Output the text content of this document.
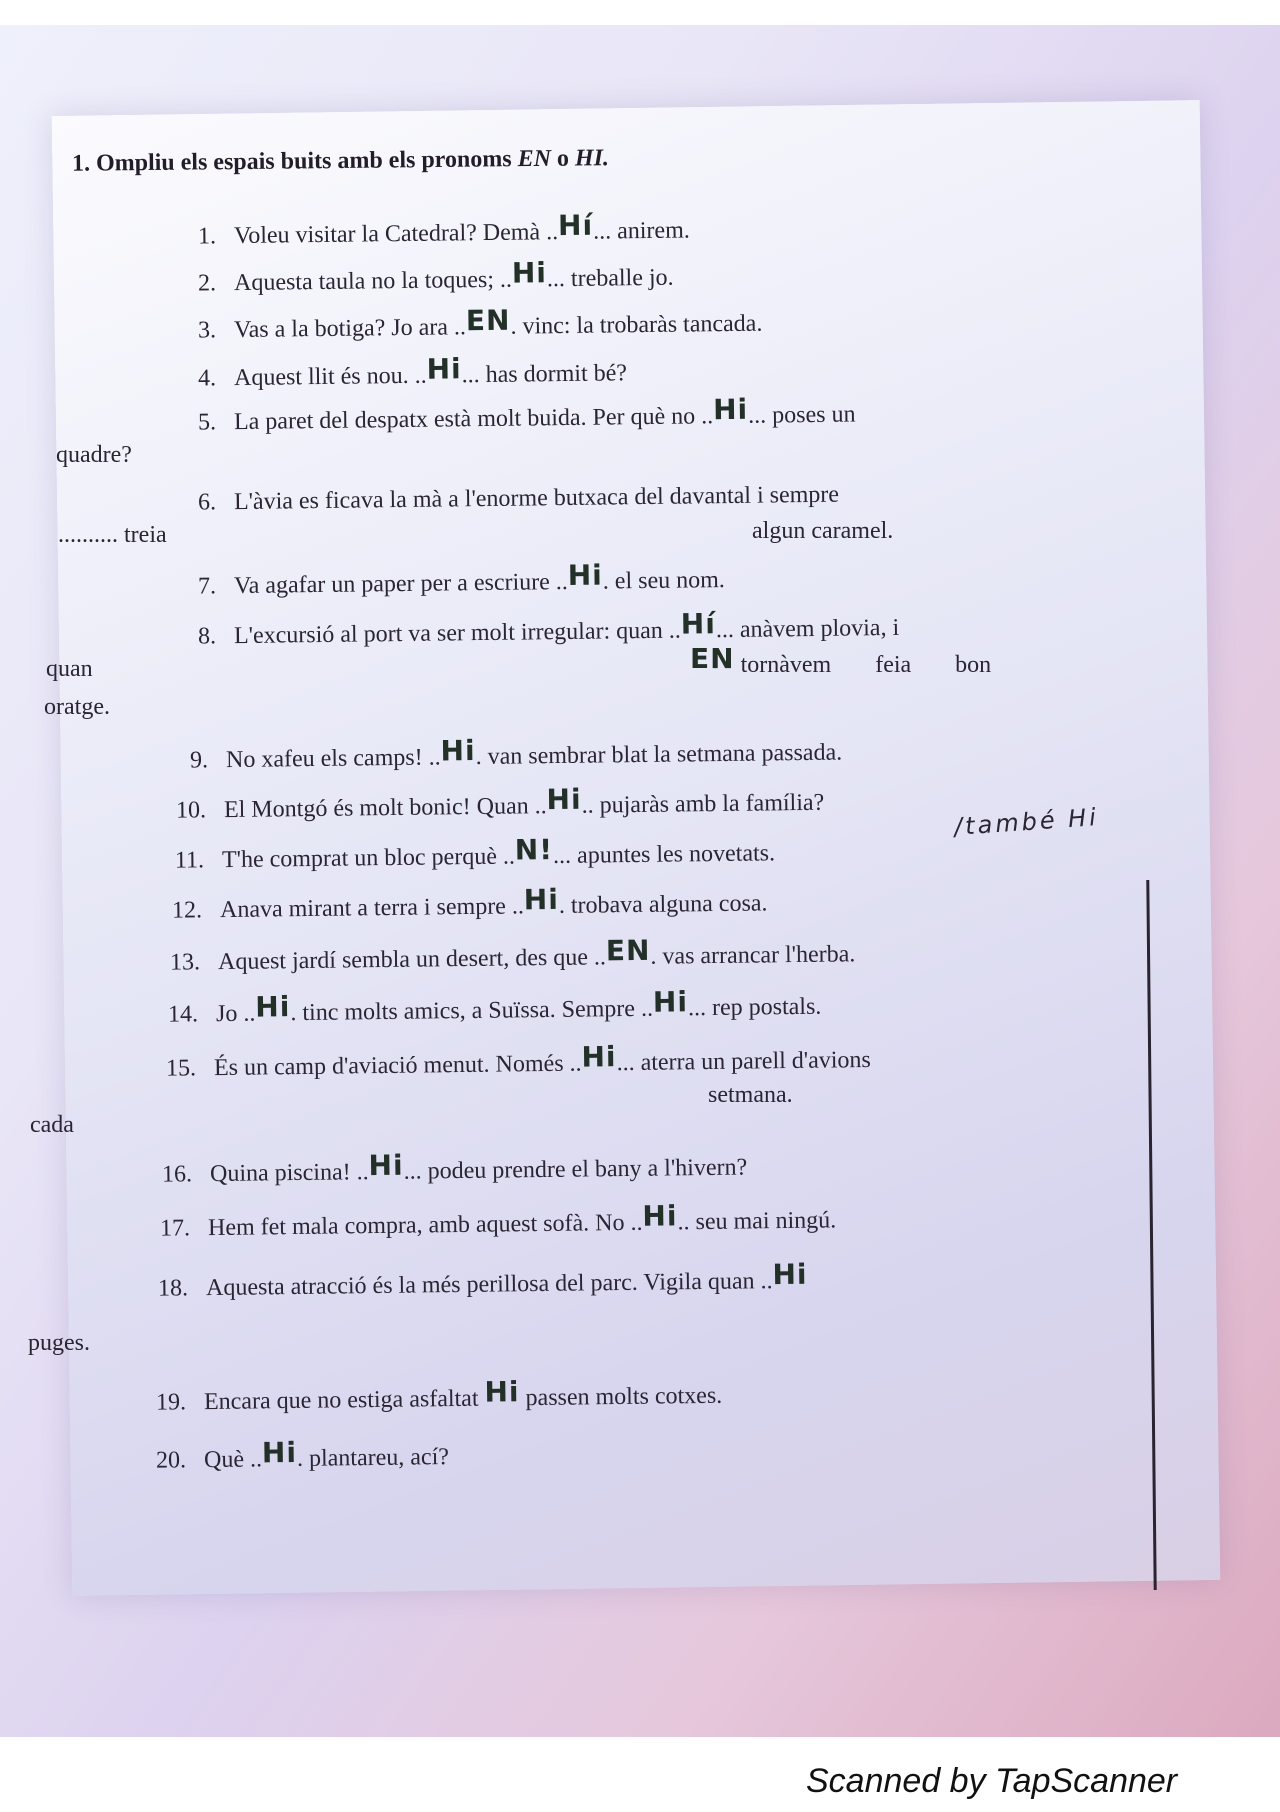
1. Ompliu els espais buits amb els pronoms EN o HI.
1. Voleu visitar la Catedral? Demà ..Hí... anirem.
2. Aquesta taula no la toques; ..Hi... treballe jo.
3. Vas a la botiga? Jo ara ..EN. vinc: la trobaràs tancada.
4. Aquest llit és nou. ..Hi... has dormit bé?
5. La paret del despatx està molt buida. Per què no ..Hi... poses un
quadre?
6. L'àvia es ficava la mà a l'enorme butxaca del davantal i sempre
.......... treia	algun caramel.
7. Va agafar un paper per a escriure ..Hi. el seu nom.
8. L'excursió al port va ser molt irregular: quan ..Hí... anàvem plovia, i
quan	EN tornàvem feia bon
oratge.
9. No xafeu els camps! ..Hi. van sembrar blat la setmana passada.
10. El Montgó és molt bonic! Quan ..Hi.. pujaràs amb la família?
11. T'he comprat un bloc perquè ..N!... apuntes les novetats.
/també Hi
12. Anava mirant a terra i sempre ..Hi. trobava alguna cosa.
13. Aquest jardí sembla un desert, des que ..EN. vas arrancar l'herba.
14. Jo ..Hi. tinc molts amics, a Suïssa. Sempre ..Hi... rep postals.
15. És un camp d'aviació menut. Només ..Hi... aterra un parell d'avions
setmana.
cada
16. Quina piscina! ..Hi... podeu prendre el bany a l'hivern?
17. Hem fet mala compra, amb aquest sofà. No ..Hi.. seu mai ningú.
18. Aquesta atracció és la més perillosa del parc. Vigila quan ..Hi
puges.
19. Encara que no estiga asfaltat Hi passen molts cotxes.
20. Què ..Hi. plantareu, ací?
Scanned by TapScanner
